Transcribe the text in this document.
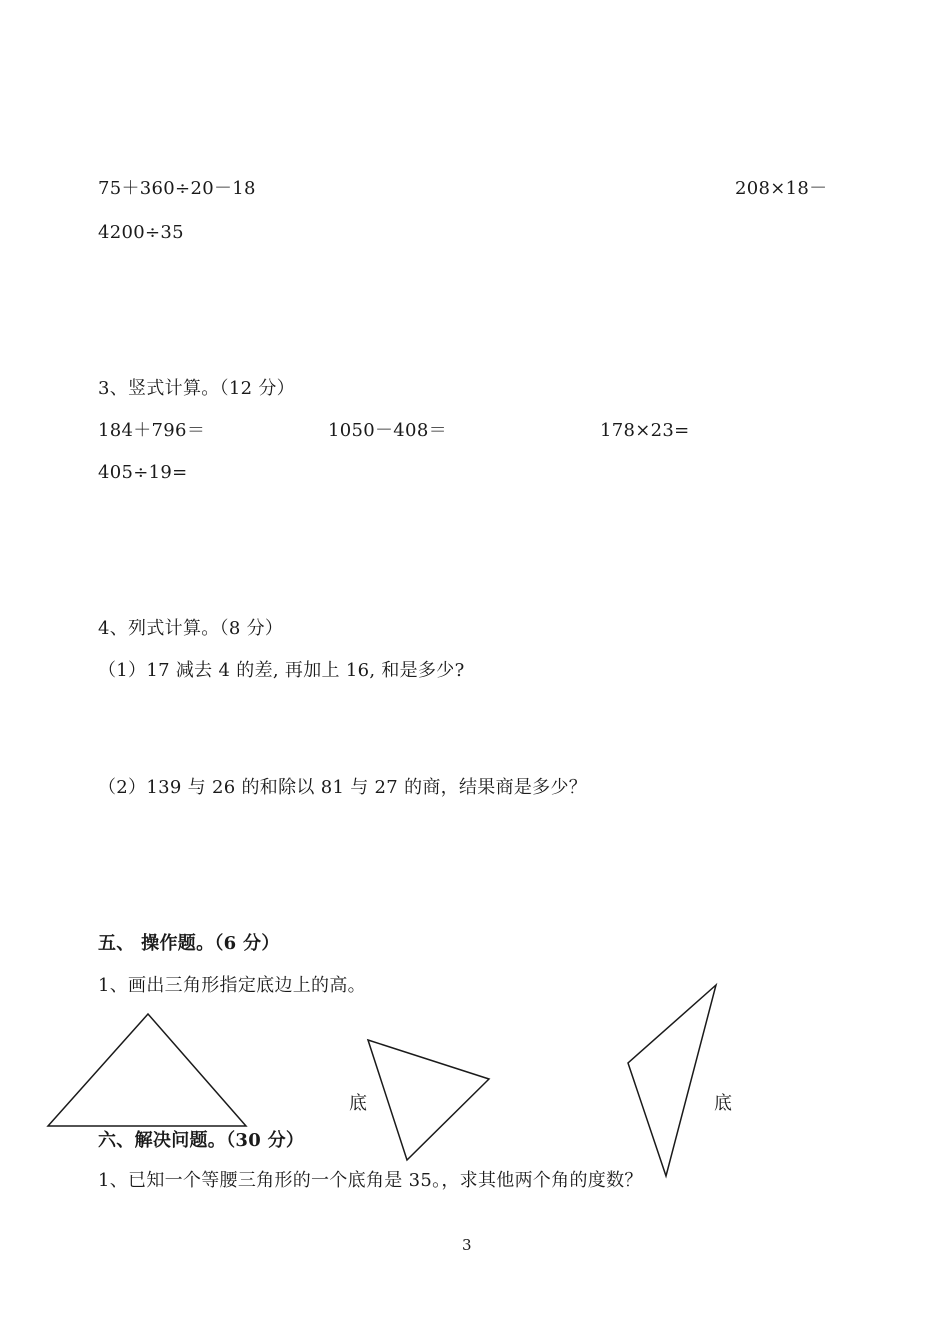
75＋360÷20－18	208×18－
4200÷35
3、竖式计算。（12 分）
184＋796＝	1050－408＝	178×23=
405÷19=
4、列式计算。（8 分）
（1）17 减去 4 的差, 再加上 16, 和是多少?
（2）139 与 26 的和除以 81 与 27 的商，结果商是多少？
五、 操作题。（6 分）
1、画出三角形指定底边上的高。
底	底
六、解决问题。（30 分）
1、已知一个等腰三角形的一个底角是 35。，求其他两个角的度数？
3
